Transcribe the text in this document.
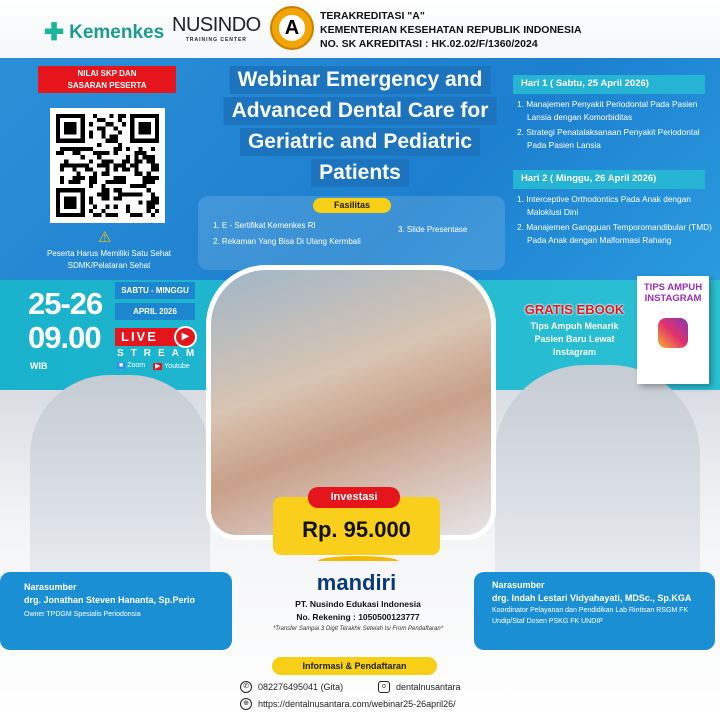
✚ Kemenkes NUSINDO
TRAINING CENTER
A
TERAKREDITASI "A"
KEMENTERIAN KESEHATAN REPUBLIK INDONESIA
NO. SK AKREDITASI : HK.02.02/F/1360/2024
NILAI SKP DAN
SASARAN PESERTA
⚠
Peserta Harus Memiliki Satu Sehat
SDMK/Pelataran Sehat
Webinar Emergency and
Advanced Dental Care for
Geriatric and Pediatric
Patients
Fasilitas
1. E - Sertifikat Kemenkes RI
2. Rekaman Yang Bisa Di Ulang Kermbali
3. Slide Presentase
Hari 1 ( Sabtu, 25 April 2026)
1. Manajemen Penyakit Periodontal Pada Pasien Lansia dengan Komorbiditas
2. Strategi Penatalaksanaan Penyakit Periodontal Pada Pasien Lansia
Hari 2 ( Minggu, 26 April 2026)
1. Interceptive Orthodontics Pada Anak dengan Maloklusi Dini
2. Manajemen Gangguan Temporomandibular (TMD) Pada Anak dengan Malformasi Rahang
25-26
09.00
WIB
SABTU - MINGGU
APRIL 2026
LIVE	▶
STREAM
■ Zoom ▶ Youtube
GRATIS EBOOK
Tips Ampuh Menarik Pasien Baru Lewat Instagram
TIPS AMPUH
INSTAGRAM
Rp. 95.000
Investasi
mandiri
PT. Nusindo Edukasi Indonesia
No. Rekening : 1050500123777
*Transfer Sampai 3 Digit Terakhir Setelah Isi From Pendaftaran*
Narasumber
drg. Jonathan Steven Hananta, Sp.Perio
Owner TPDGM Spesialis Periodonsia
Narasumber
drg. Indah Lestari Vidyahayati, MDSc., Sp.KGA
Koordinator Pelayanan dan Pendidikan Lab Rintisan RSGM FK Undip/Staf Dosen PSKG FK UNDIP
Informasi & Pendaftaran
✆	082276495041 (Gita)	o	dentalnusantara
⊕	https://dentalnusantara.com/webinar25-26april26/
